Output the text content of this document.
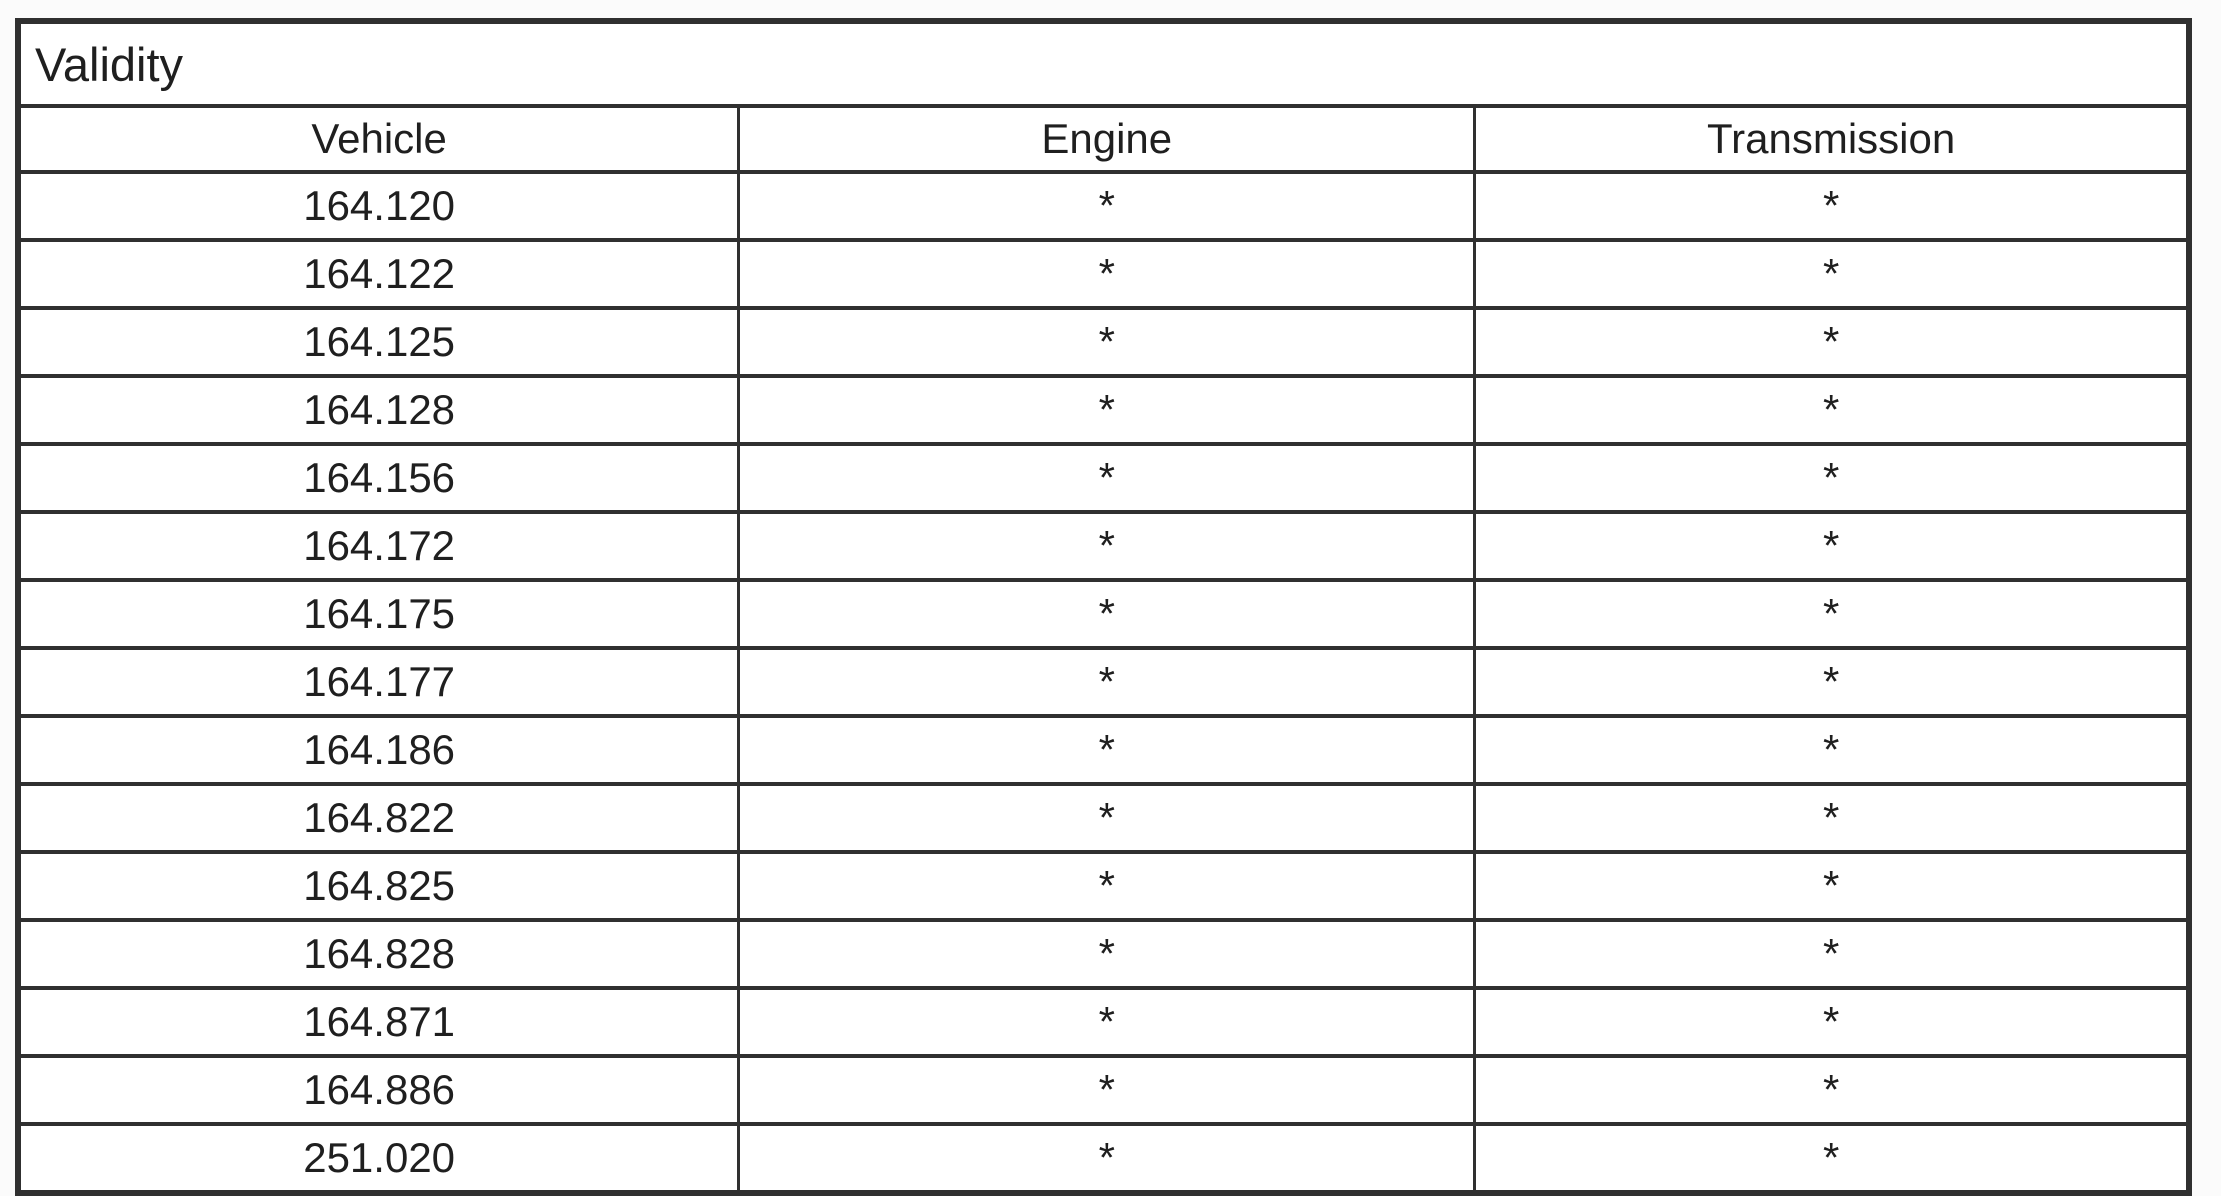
Validity		
Vehicle	Engine	Transmission
164.120	*	*
164.122	*	*
164.125	*	*
164.128	*	*
164.156	*	*
164.172	*	*
164.175	*	*
164.177	*	*
164.186	*	*
164.822	*	*
164.825	*	*
164.828	*	*
164.871	*	*
164.886	*	*
251.020	*	*
